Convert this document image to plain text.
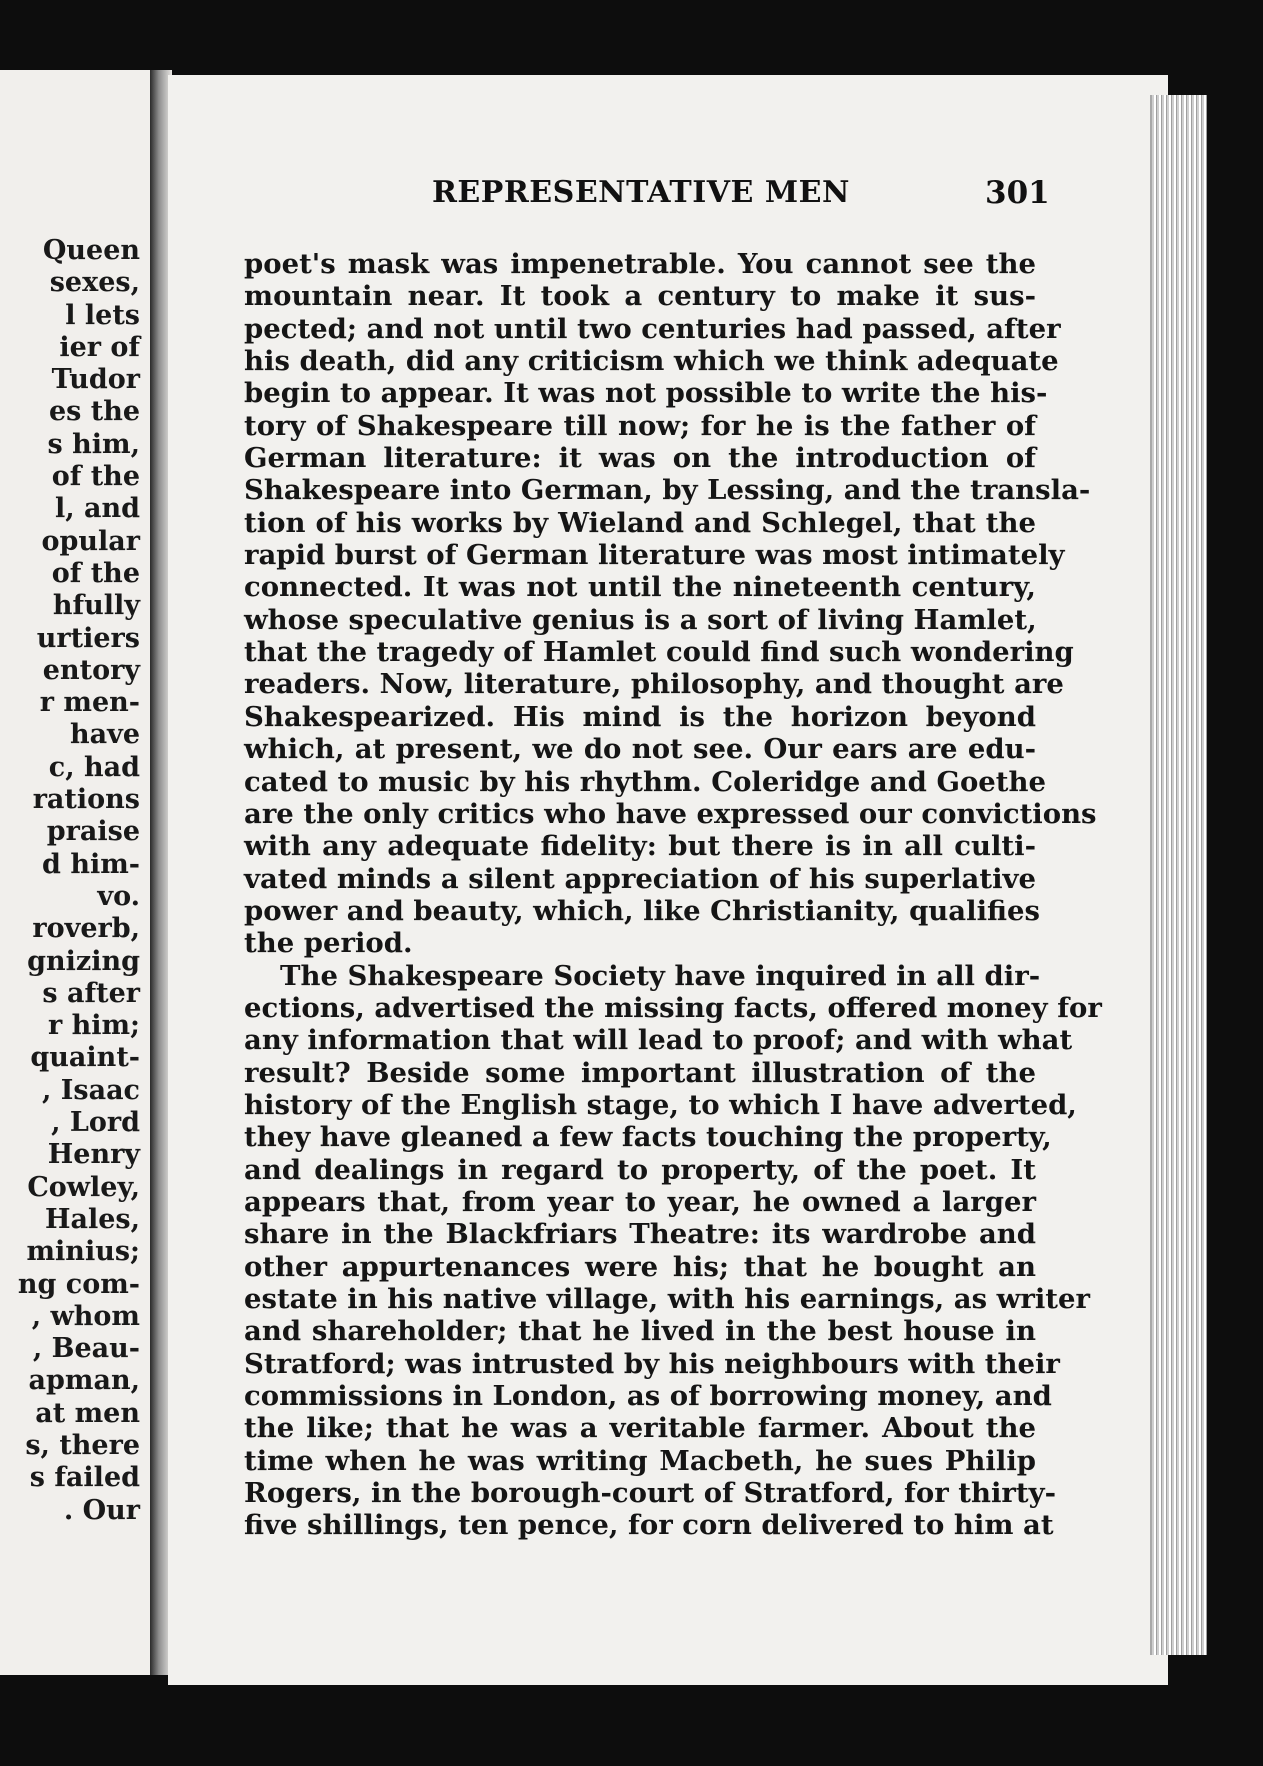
Queen
sexes,
l lets
ier of
Tudor
es the
s him,
of the
l, and
opular
of the
hfully
urtiers
entory
r men-
have
c, had
rations
praise
d him-
vo.
roverb,
gnizing
s after
r him;
quaint-
, Isaac
, Lord
Henry
Cowley,
Hales,
minius;
ng com-
, whom
, Beau-
apman,
at men
s, there
s failed
. Our
REPRESENTATIVE MEN	301
poet's mask was impenetrable. You cannot see the
mountain near. It took a century to make it sus-
pected; and not until two centuries had passed, after
his death, did any criticism which we think adequate
begin to appear. It was not possible to write the his-
tory of Shakespeare till now; for he is the father of
German literature: it was on the introduction of
Shakespeare into German, by Lessing, and the transla-
tion of his works by Wieland and Schlegel, that the
rapid burst of German literature was most intimately
connected. It was not until the nineteenth century,
whose speculative genius is a sort of living Hamlet,
that the tragedy of Hamlet could find such wondering
readers. Now, literature, philosophy, and thought are
Shakespearized. His mind is the horizon beyond
which, at present, we do not see. Our ears are edu-
cated to music by his rhythm. Coleridge and Goethe
are the only critics who have expressed our convictions
with any adequate fidelity: but there is in all culti-
vated minds a silent appreciation of his superlative
power and beauty, which, like Christianity, qualifies
the period.
The Shakespeare Society have inquired in all dir-
ections, advertised the missing facts, offered money for
any information that will lead to proof; and with what
result? Beside some important illustration of the
history of the English stage, to which I have adverted,
they have gleaned a few facts touching the property,
and dealings in regard to property, of the poet. It
appears that, from year to year, he owned a larger
share in the Blackfriars Theatre: its wardrobe and
other appurtenances were his; that he bought an
estate in his native village, with his earnings, as writer
and shareholder; that he lived in the best house in
Stratford; was intrusted by his neighbours with their
commissions in London, as of borrowing money, and
the like; that he was a veritable farmer. About the
time when he was writing Macbeth, he sues Philip
Rogers, in the borough-court of Stratford, for thirty-
five shillings, ten pence, for corn delivered to him at
